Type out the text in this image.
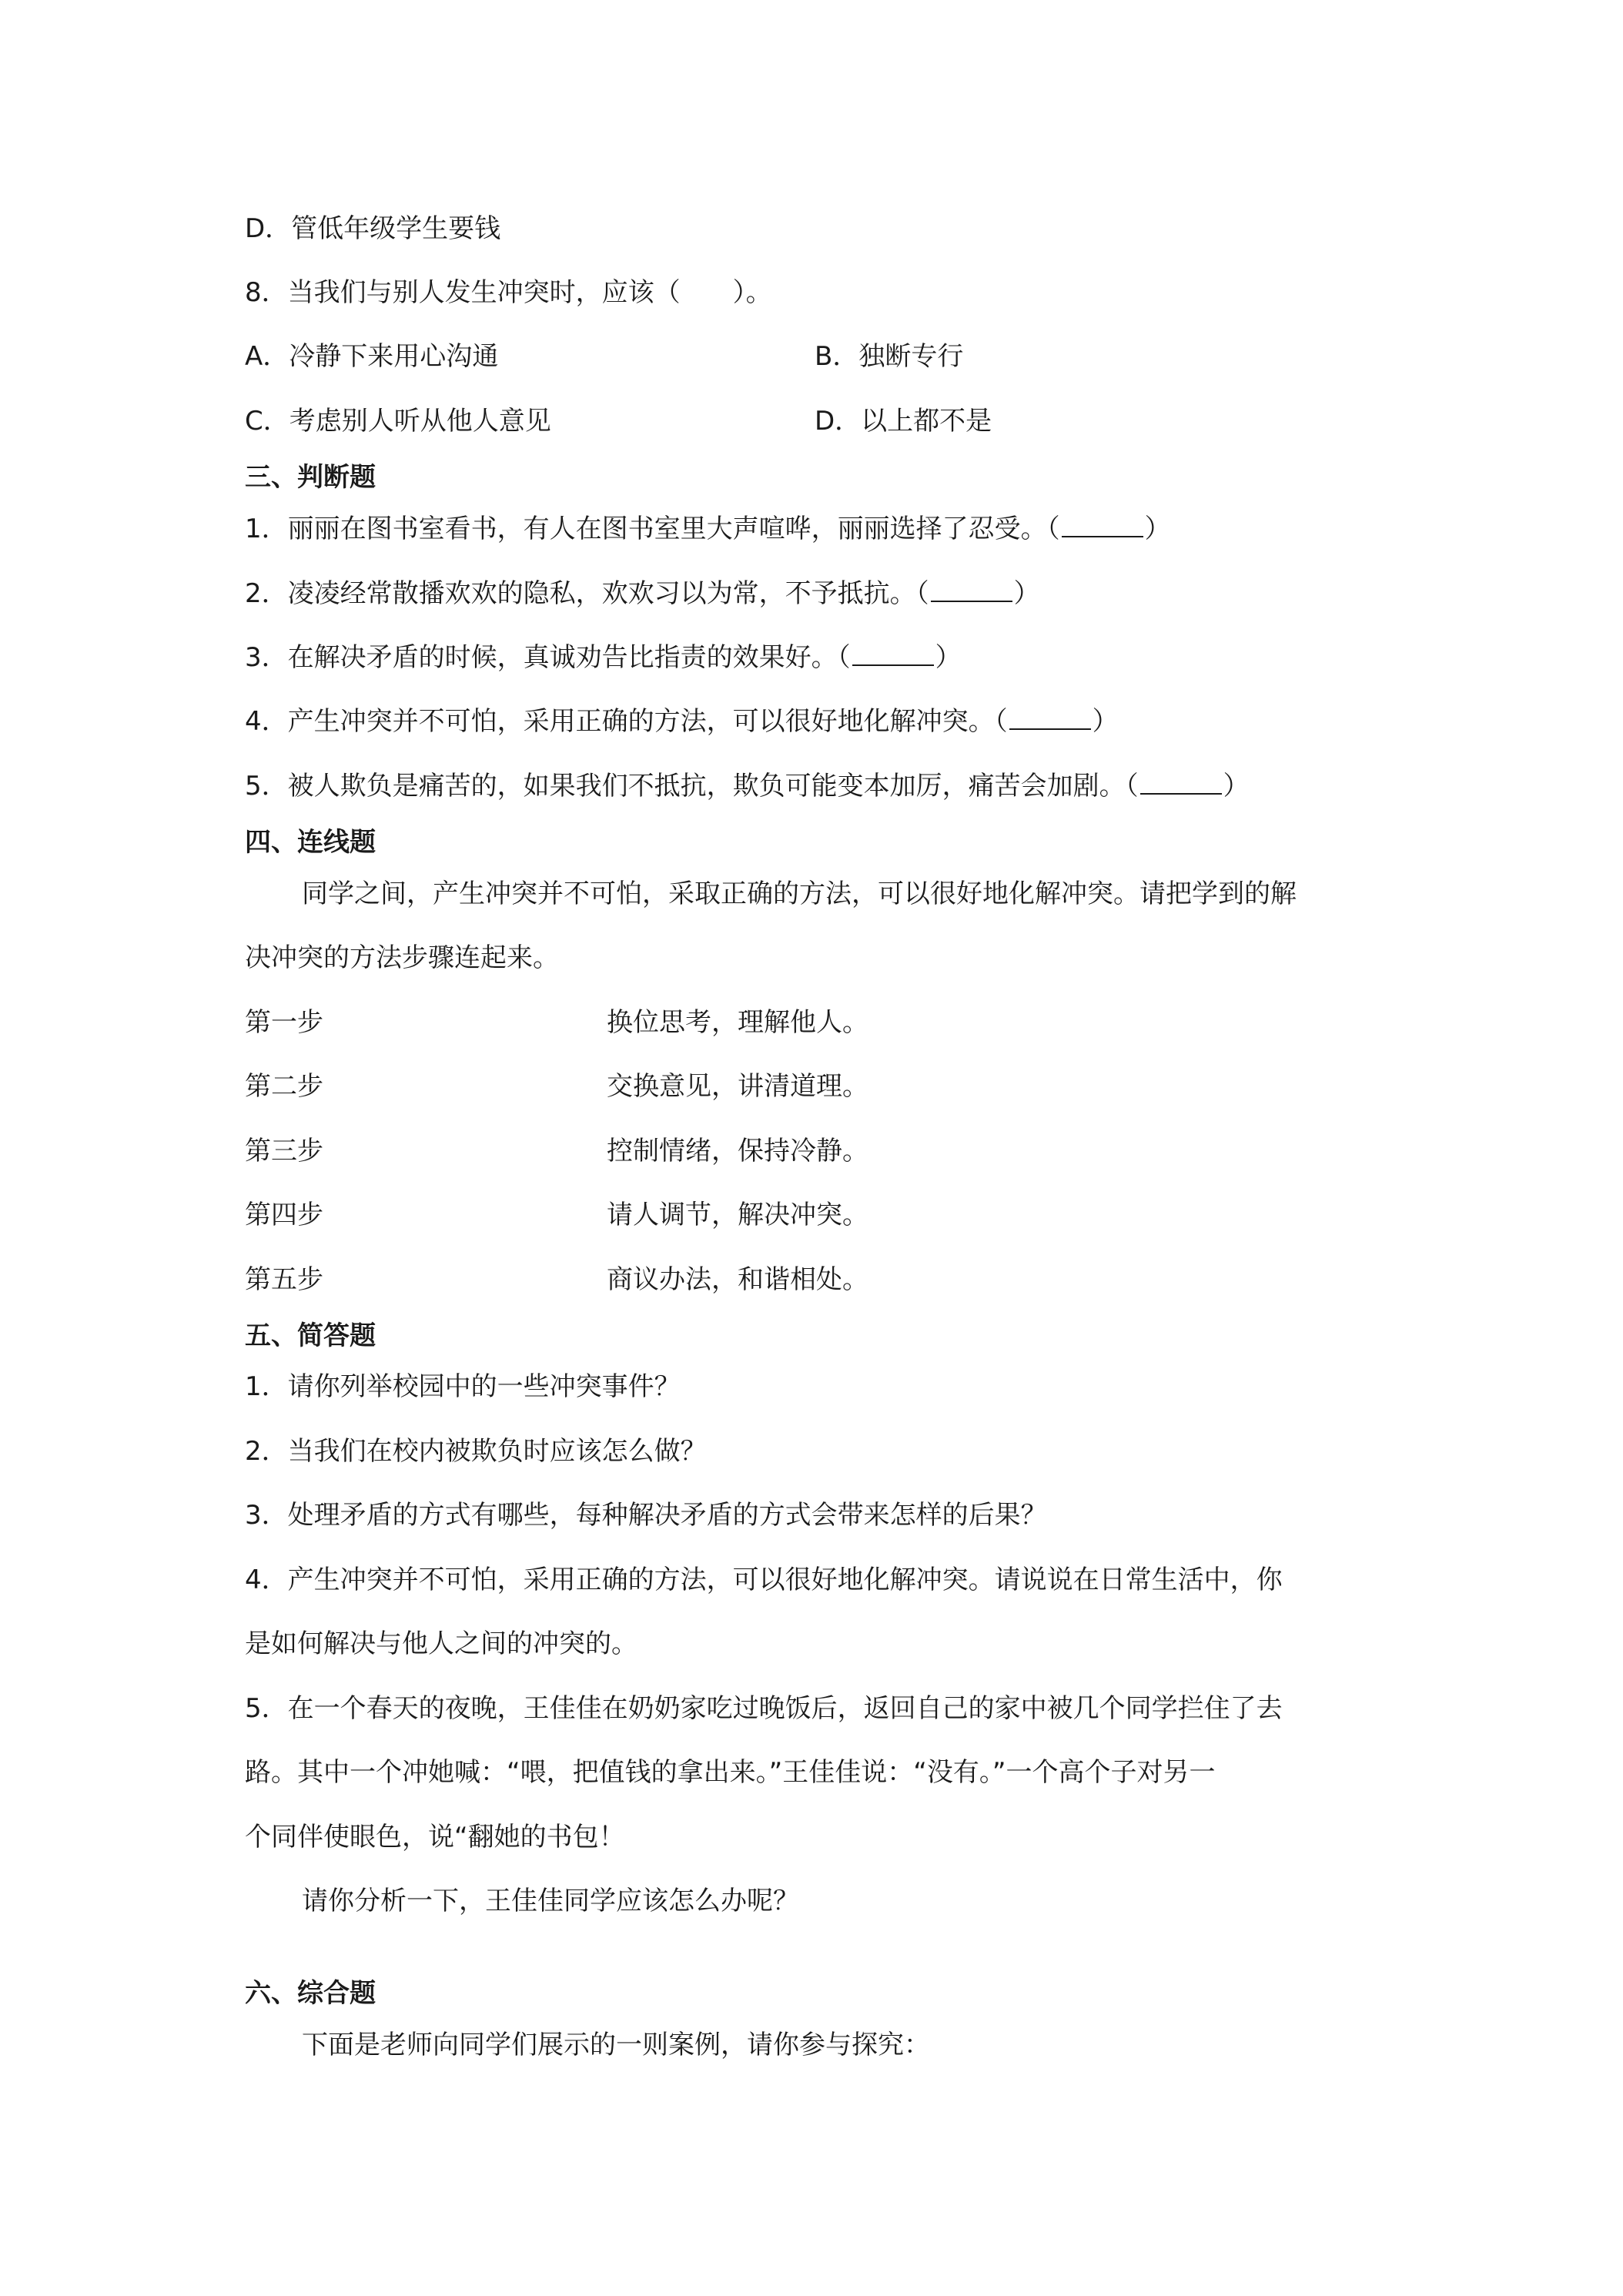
D．管低年级学生要钱
8．当我们与别人发生冲突时，应该（ ）。
A．冷静下来用心沟通	B．独断专行
C．考虑别人听从他人意见	D．以上都不是
三、判断题
1．丽丽在图书室看书，有人在图书室里大声喧哗，丽丽选择了忍受。（	）
2．凌凌经常散播欢欢的隐私，欢欢习以为常，不予抵抗。（	）
3．在解决矛盾的时候，真诚劝告比指责的效果好。（	）
4．产生冲突并不可怕，采用正确的方法，可以很好地化解冲突。（	）
5．被人欺负是痛苦的，如果我们不抵抗，欺负可能变本加厉，痛苦会加剧。（	）
四、连线题
同学之间，产生冲突并不可怕，采取正确的方法，可以很好地化解冲突。请把学到的解
决冲突的方法步骤连起来。
第一步	换位思考，理解他人。
第二步	交换意见，讲清道理。
第三步	控制情绪，保持冷静。
第四步	请人调节，解决冲突。
第五步	商议办法，和谐相处。
五、简答题
1．请你列举校园中的一些冲突事件？
2．当我们在校内被欺负时应该怎么做？
3．处理矛盾的方式有哪些，每种解决矛盾的方式会带来怎样的后果？
4．产生冲突并不可怕，采用正确的方法，可以很好地化解冲突。请说说在日常生活中，你
是如何解决与他人之间的冲突的。
5．在一个春天的夜晚，王佳佳在奶奶家吃过晚饭后，返回自己的家中被几个同学拦住了去
路。其中一个冲她喊：“喂，把值钱的拿出来。”王佳佳说：“没有。”一个高个子对另一
个同伴使眼色，说“翻她的书包！
请你分析一下，王佳佳同学应该怎么办呢？
六、综合题
下面是老师向同学们展示的一则案例，请你参与探究：
